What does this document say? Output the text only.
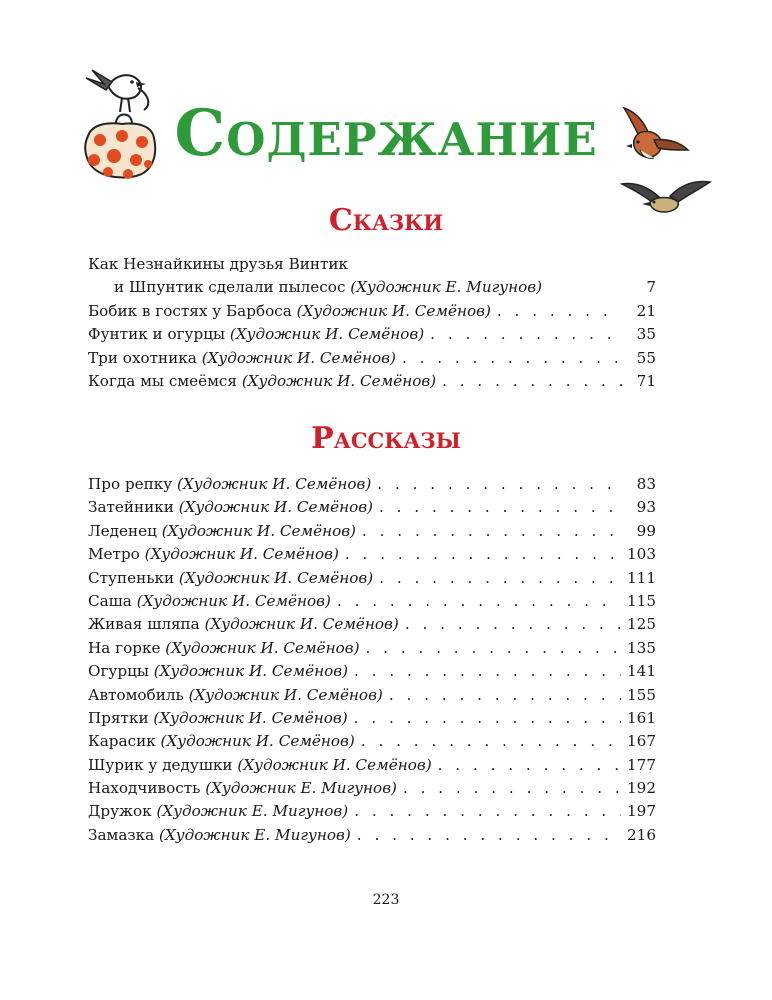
Содержание
Сказки
Как Незнайкины друзья Винтик
и Шпунтик сделали пылесос (Художник Е. Мигунов)	7
Бобик в гостях у Барбоса (Художник И. Семёнов) . . .	21
Фунтик и огурцы (Художник И. Семёнов) . . .	35
Три охотника (Художник И. Семёнов) . . .	55
Когда мы смеёмся (Художник И. Семёнов) . . .	71
Рассказы
Про репку (Художник И. Семёнов) . . .	83
Затейники (Художник И. Семёнов) . . .	93
Леденец (Художник И. Семёнов) . . .	99
Метро (Художник И. Семёнов) . . .	103
Ступеньки (Художник И. Семёнов) . . .	111
Саша (Художник И. Семёнов) . . .	115
Живая шляпа (Художник И. Семёнов) . . .	125
На горке (Художник И. Семёнов) . . .	135
Огурцы (Художник И. Семёнов) . . .	141
Автомобиль (Художник И. Семёнов) . . .	155
Прятки (Художник И. Семёнов) . . .	161
Карасик (Художник И. Семёнов) . . .	167
Шурик у дедушки (Художник И. Семёнов) . . .	177
Находчивость (Художник Е. Мигунов) . . .	192
Дружок (Художник Е. Мигунов) . . .	197
Замазка (Художник Е. Мигунов) . . .	216
223
